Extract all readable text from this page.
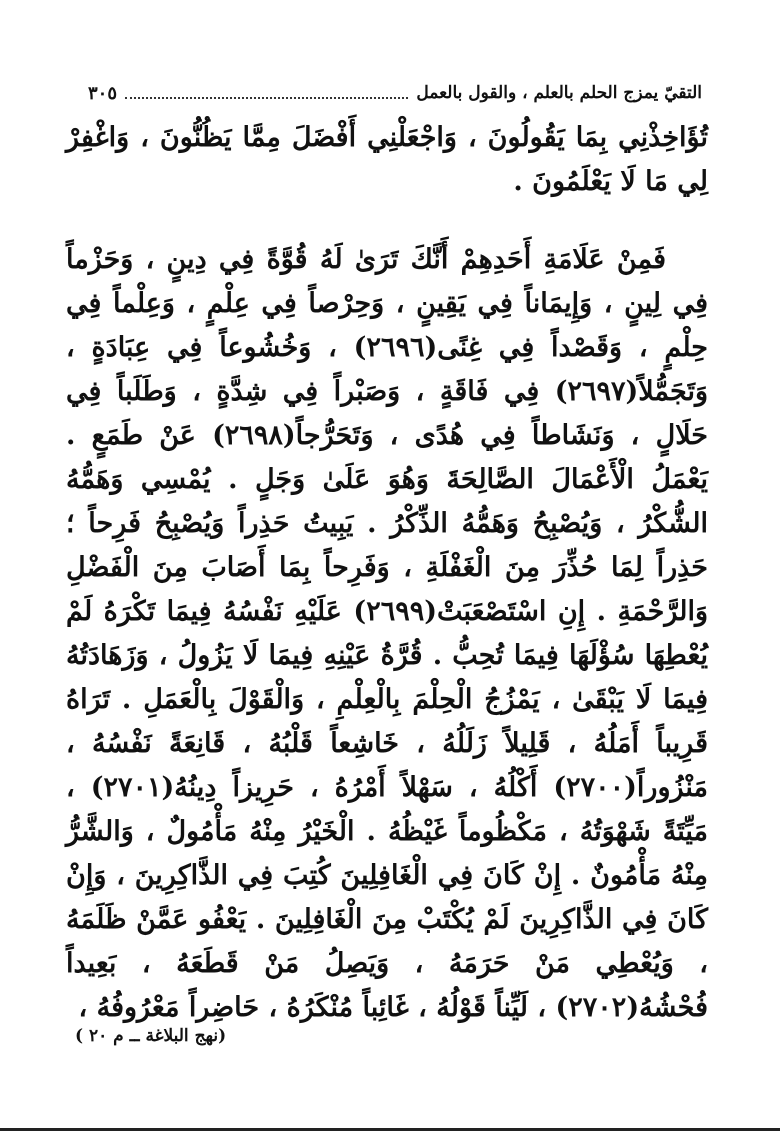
التقيّ يمزج الحلم بالعلم ، والقول بالعمل
٣٠٥

تُؤَاخِذْنِي بِمَا يَقُولُونَ ، وَاجْعَلْنِي أَفْضَلَ مِمَّا يَظُنُّونَ ، وَاغْفِرْ لِي مَا لَا يَعْلَمُونَ .

فَمِنْ عَلَامَةِ أَحَدِهِمْ أَنَّكَ تَرَىٰ لَهُ قُوَّةً فِي دِينٍ ، وَحَزْماً فِي لِينٍ ، وَإِيمَاناً فِي يَقِينٍ ، وَحِرْصاً فِي عِلْمٍ ، وَعِلْماً فِي حِلْمٍ ، وَقَصْداً فِي غِنًى(٢٦٩٦) ، وَخُشُوعاً فِي عِبَادَةٍ ، وَتَجَمُّلاً(٢٦٩٧) فِي فَاقَةٍ ، وَصَبْراً فِي شِدَّةٍ ، وَطَلَباً فِي حَلَالٍ ، وَنَشَاطاً فِي هُدًى ، وَتَحَرُّجاً(٢٦٩٨) عَنْ طَمَعٍ . يَعْمَلُ الْأَعْمَالَ الصَّالِحَةَ وَهُوَ عَلَىٰ وَجَلٍ . يُمْسِي وَهَمُّهُ الشُّكْرُ ، وَيُصْبِحُ وَهَمُّهُ الذِّكْرُ . يَبِيتُ حَذِراً وَيُصْبِحُ فَرِحاً ؛ حَذِراً لِمَا حُذِّرَ مِنَ الْغَفْلَةِ ، وَفَرِحاً بِمَا أَصَابَ مِنَ الْفَضْلِ وَالرَّحْمَةِ . إِنِ اسْتَصْعَبَتْ(٢٦٩٩) عَلَيْهِ نَفْسُهُ فِيمَا تَكْرَهُ لَمْ يُعْطِهَا سُؤْلَهَا فِيمَا تُحِبُّ . قُرَّةُ عَيْنِهِ فِيمَا لَا يَزُولُ ، وَزَهَادَتُهُ فِيمَا لَا يَبْقَىٰ ، يَمْزُجُ الْحِلْمَ بِالْعِلْمِ ، وَالْقَوْلَ بِالْعَمَلِ . تَرَاهُ قَرِيباً أَمَلُهُ ، قَلِيلاً زَلَلُهُ ، خَاشِعاً قَلْبُهُ ، قَانِعَةً نَفْسُهُ ، مَنْزُوراً(٢٧٠٠) أَكْلُهُ ، سَهْلاً أَمْرُهُ ، حَرِيزاً دِينُهُ(٢٧٠١) ، مَيِّتَةً شَهْوَتُهُ ، مَكْظُوماً غَيْظُهُ . الْخَيْرُ مِنْهُ مَأْمُولٌ ، وَالشَّرُّ مِنْهُ مَأْمُونٌ . إِنْ كَانَ فِي الْغَافِلِينَ كُتِبَ فِي الذَّاكِرِينَ ، وَإِنْ كَانَ فِي الذَّاكِرِينَ لَمْ يُكْتَبْ مِنَ الْغَافِلِينَ . يَعْفُو عَمَّنْ ظَلَمَهُ ، وَيُعْطِي مَنْ حَرَمَهُ ، وَيَصِلُ مَنْ قَطَعَهُ ، بَعِيداً فُحْشُهُ(٢٧٠٢) ، لَيِّناً قَوْلُهُ ، غَائِباً مُنْكَرُهُ ، حَاضِراً مَعْرُوفُهُ ،

(نهج البلاغة ــ م ٢٠ )
